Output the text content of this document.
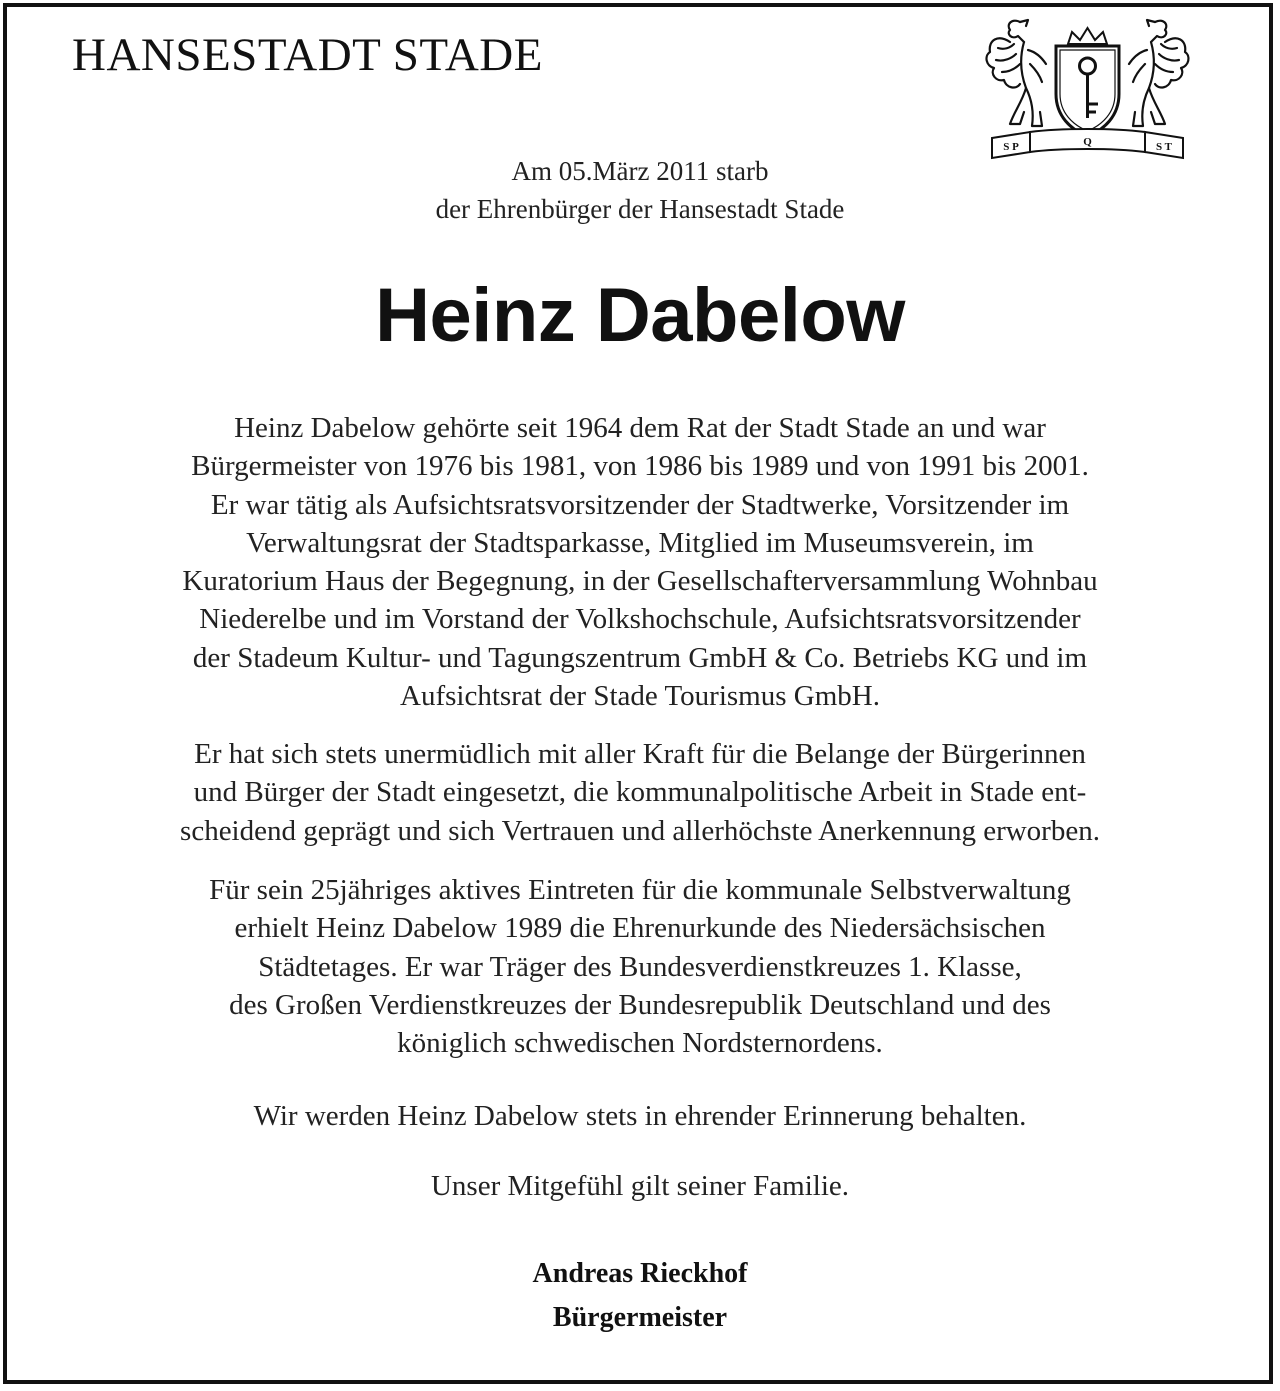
HANSESTADT STADE
S P	Q	S T
Am 05.März 2011 starb
der Ehrenbürger der Hansestadt Stade
Heinz Dabelow
Heinz Dabelow gehörte seit 1964 dem Rat der Stadt Stade an und war
Bürgermeister von 1976 bis 1981, von 1986 bis 1989 und von 1991 bis 2001.
Er war tätig als Aufsichtsratsvorsitzender der Stadtwerke, Vorsitzender im
Verwaltungsrat der Stadtsparkasse, Mitglied im Museumsverein, im
Kuratorium Haus der Begegnung, in der Gesellschafterversammlung Wohnbau
Niederelbe und im Vorstand der Volkshochschule, Aufsichtsratsvorsitzender
der Stadeum Kultur- und Tagungszentrum GmbH & Co. Betriebs KG und im
Aufsichtsrat der Stade Tourismus GmbH.
Er hat sich stets unermüdlich mit aller Kraft für die Belange der Bürgerinnen
und Bürger der Stadt eingesetzt, die kommunalpolitische Arbeit in Stade ent-
scheidend geprägt und sich Vertrauen und allerhöchste Anerkennung erworben.
Für sein 25jähriges aktives Eintreten für die kommunale Selbstverwaltung
erhielt Heinz Dabelow 1989 die Ehrenurkunde des Niedersächsischen
Städtetages. Er war Träger des Bundesverdienstkreuzes 1. Klasse,
des Großen Verdienstkreuzes der Bundesrepublik Deutschland und des
königlich schwedischen Nordsternordens.
Wir werden Heinz Dabelow stets in ehrender Erinnerung behalten.
Unser Mitgefühl gilt seiner Familie.
Andreas Rieckhof
Bürgermeister
